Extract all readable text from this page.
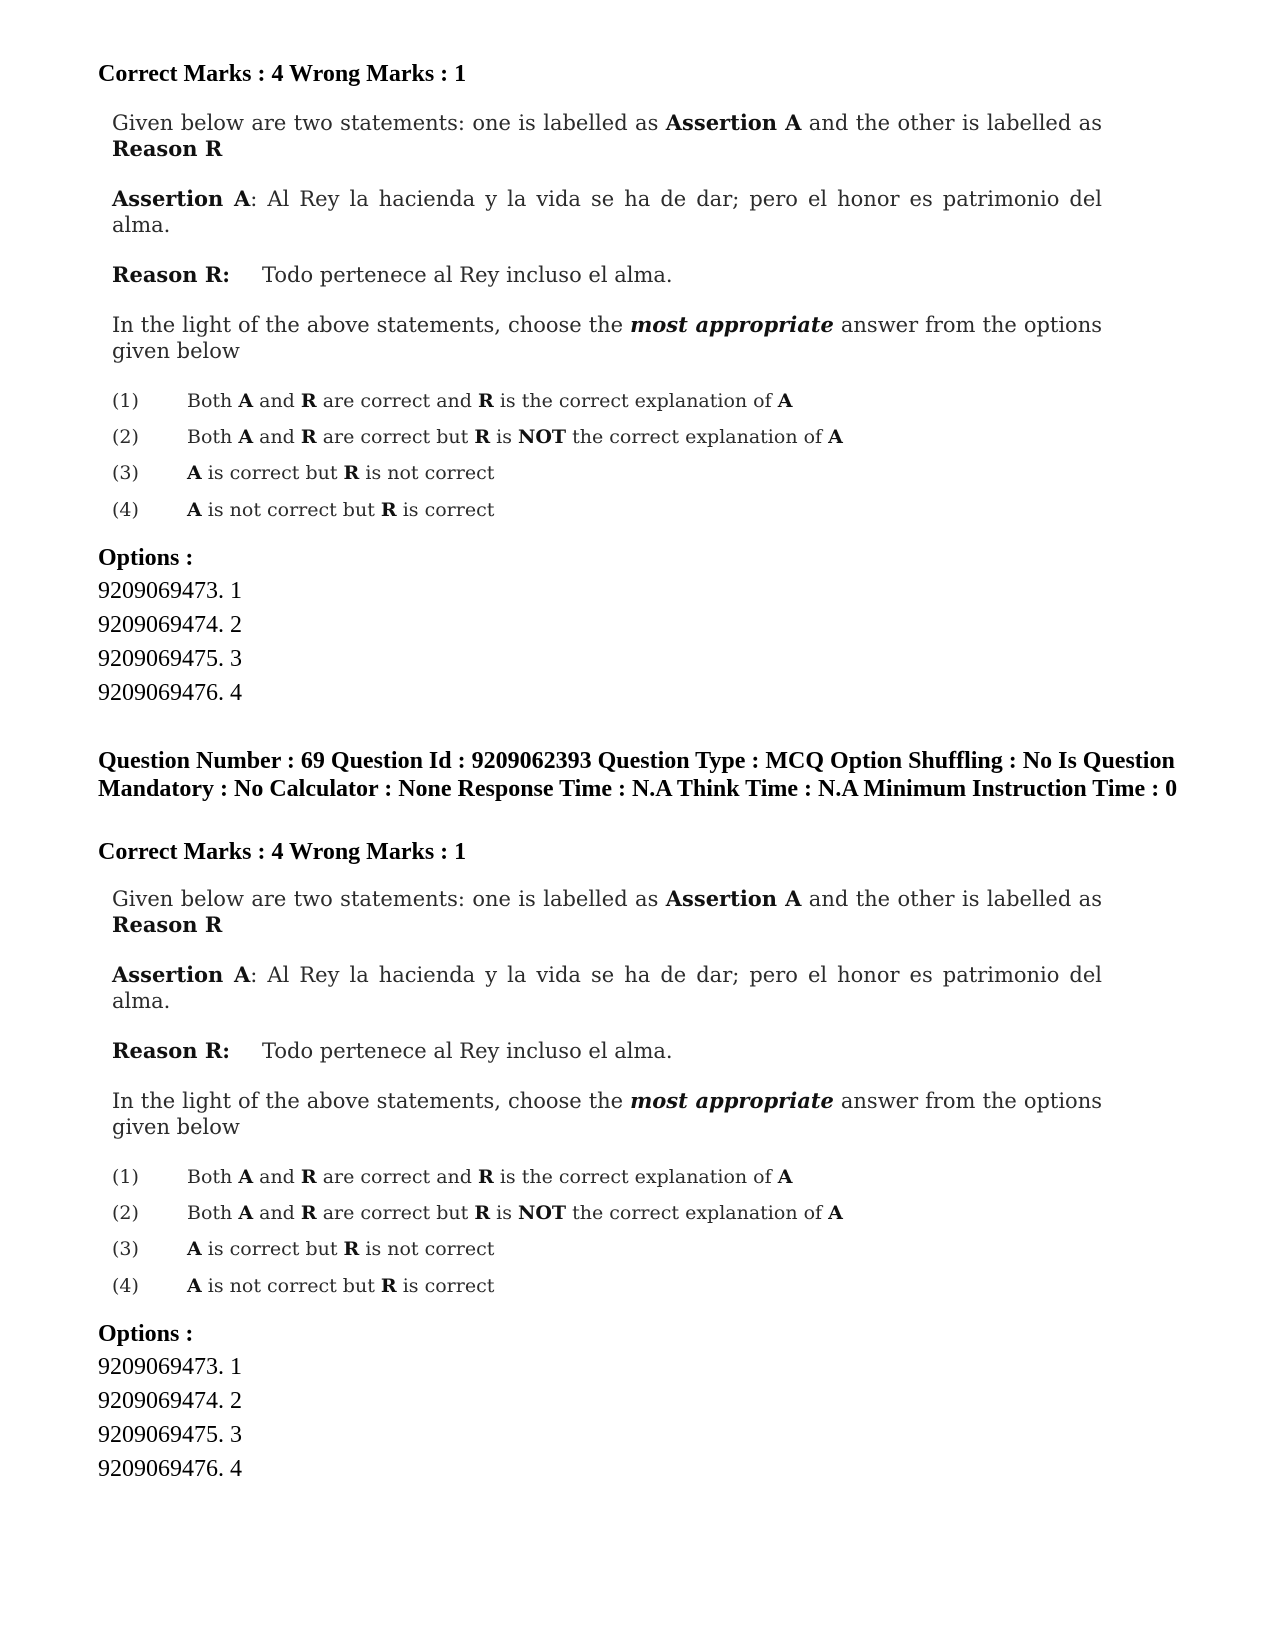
Correct Marks : 4 Wrong Marks : 1
Given below are two statements: one is labelled as Assertion A and the other is labelled as Reason R
Assertion A: Al Rey la hacienda y la vida se ha de dar; pero el honor es patrimonio del alma.
Reason R: Todo pertenece al Rey incluso el alma.
In the light of the above statements, choose the most appropriate answer from the options given below
(1)	Both A and R are correct and R is the correct explanation of A
(2)	Both A and R are correct but R is NOT the correct explanation of A
(3)	A is correct but R is not correct
(4)	A is not correct but R is correct
Options :
9209069473. 1
9209069474. 2
9209069475. 3
9209069476. 4
Question Number : 69 Question Id : 9209062393 Question Type : MCQ Option Shuffling : No Is Question Mandatory : No Calculator : None Response Time : N.A Think Time : N.A Minimum Instruction Time : 0
Correct Marks : 4 Wrong Marks : 1
Given below are two statements: one is labelled as Assertion A and the other is labelled as Reason R
Assertion A: Al Rey la hacienda y la vida se ha de dar; pero el honor es patrimonio del alma.
Reason R: Todo pertenece al Rey incluso el alma.
In the light of the above statements, choose the most appropriate answer from the options given below
(1)	Both A and R are correct and R is the correct explanation of A
(2)	Both A and R are correct but R is NOT the correct explanation of A
(3)	A is correct but R is not correct
(4)	A is not correct but R is correct
Options :
9209069473. 1
9209069474. 2
9209069475. 3
9209069476. 4
